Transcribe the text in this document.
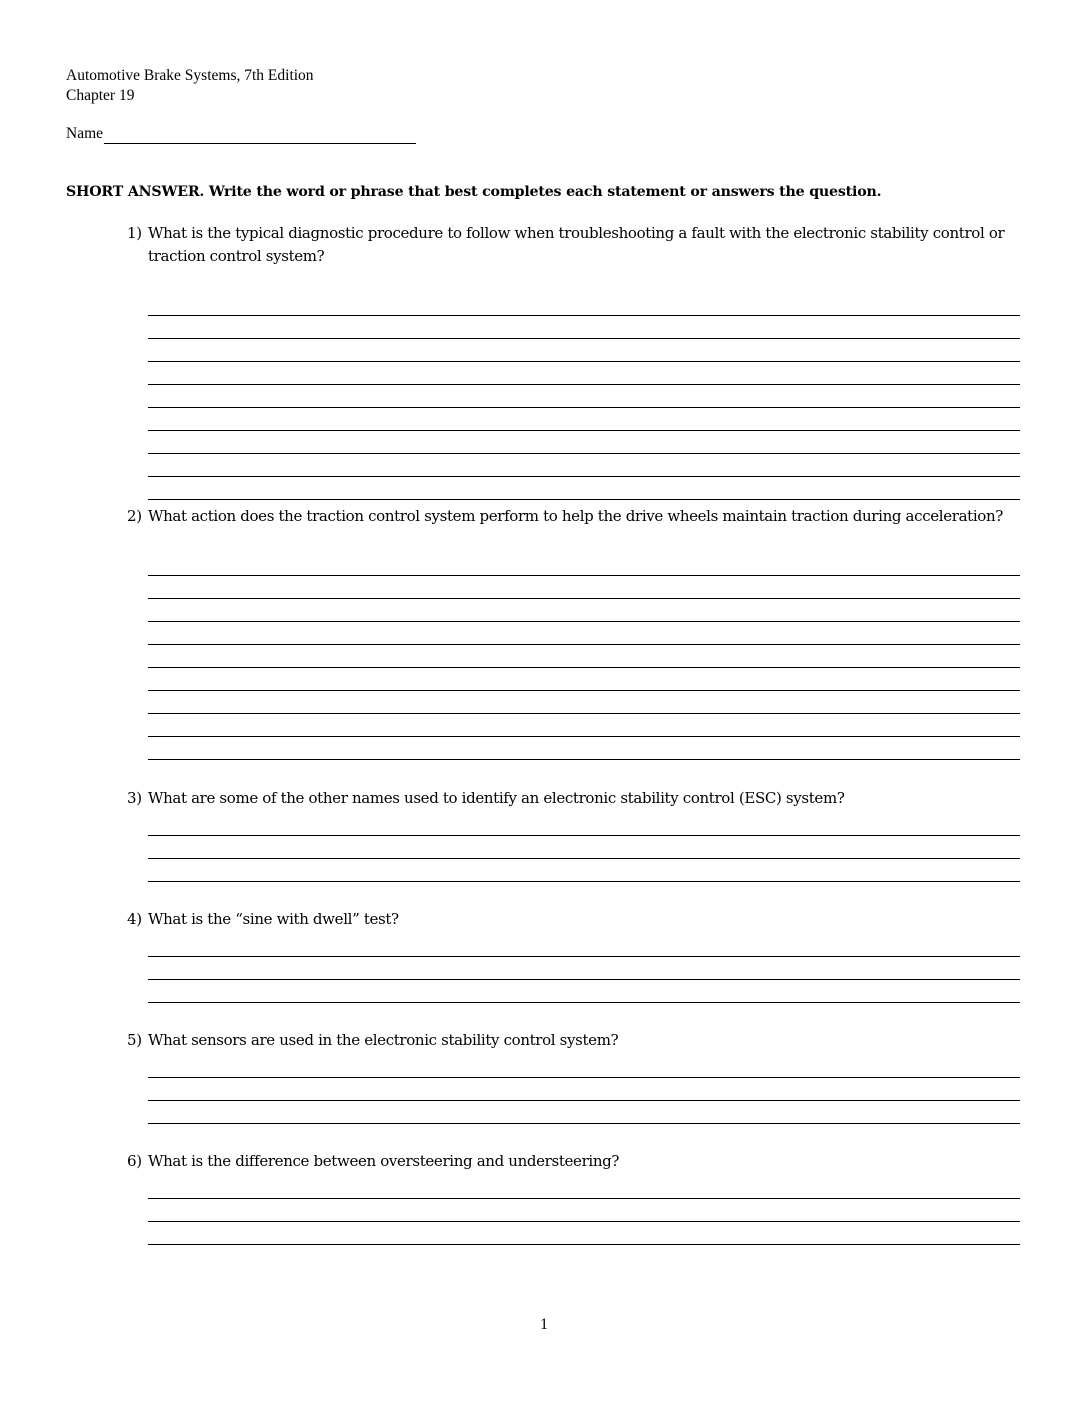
Automotive Brake Systems, 7th Edition
Chapter 19
Name
SHORT ANSWER. Write the word or phrase that best completes each statement or answers the question.
1) What is the typical diagnostic procedure to follow when troubleshooting a fault with the electronic stability control or traction control system?
2) What action does the traction control system perform to help the drive wheels maintain traction during acceleration?
3) What are some of the other names used to identify an electronic stability control (ESC) system?
4) What is the “sine with dwell” test?
5) What sensors are used in the electronic stability control system?
6) What is the difference between oversteering and understeering?
1
